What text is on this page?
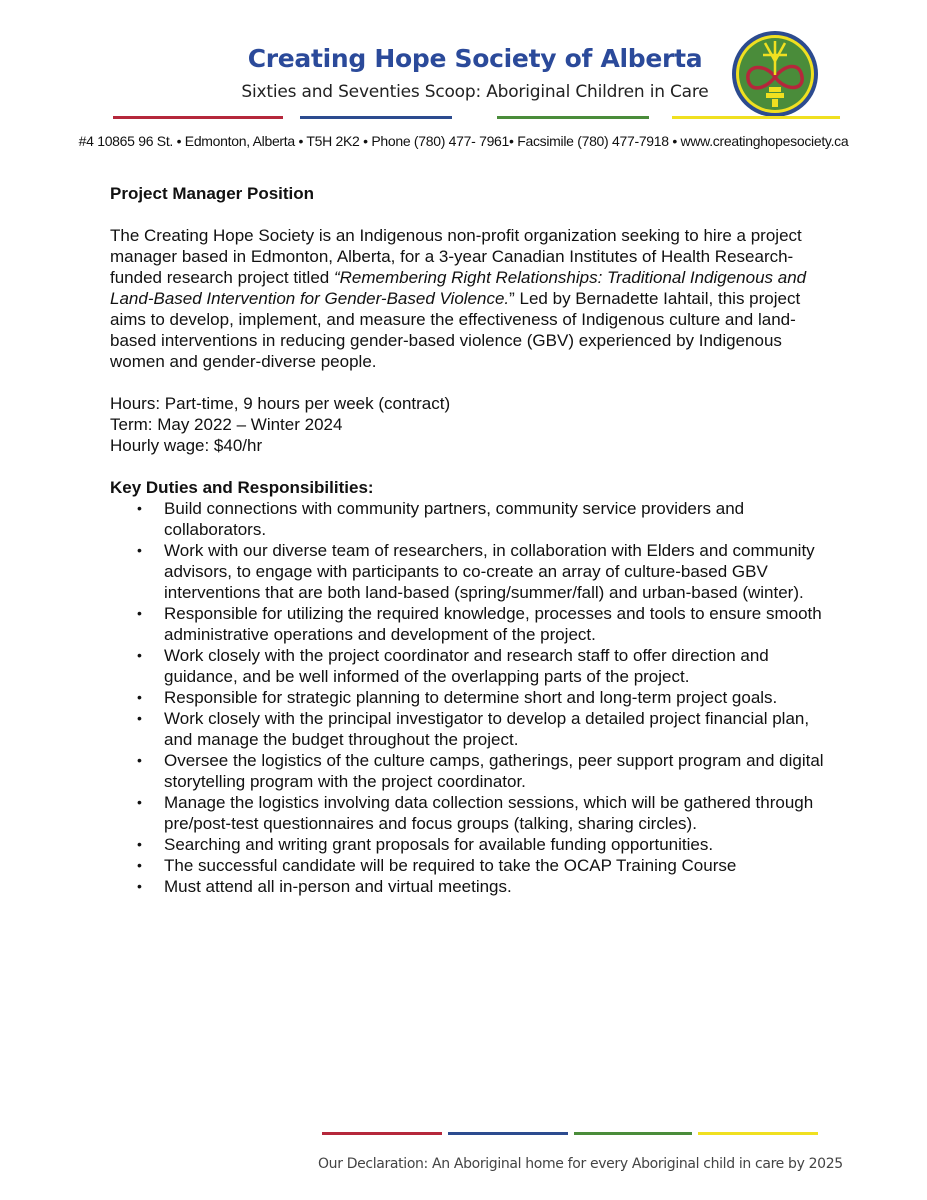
Creating Hope Society of Alberta
Sixties and Seventies Scoop: Aboriginal Children in Care
#4 10865 96 St. • Edmonton, Alberta • T5H 2K2 • Phone (780) 477- 7961• Facsimile (780) 477-7918 • www.creatinghopesociety.ca

Project Manager Position

The Creating Hope Society is an Indigenous non-profit organization seeking to hire a project manager based in Edmonton, Alberta, for a 3-year Canadian Institutes of Health Research-funded research project titled “Remembering Right Relationships: Traditional Indigenous and Land-Based Intervention for Gender-Based Violence.” Led by Bernadette Iahtail, this project aims to develop, implement, and measure the effectiveness of Indigenous culture and land-based interventions in reducing gender-based violence (GBV) experienced by Indigenous women and gender-diverse people.

Hours: Part-time, 9 hours per week (contract)

Term: May 2022 – Winter 2024

Hourly wage: $40/hr

Key Duties and Responsibilities:

• Build connections with community partners, community service providers and collaborators.
• Work with our diverse team of researchers, in collaboration with Elders and community advisors, to engage with participants to co-create an array of culture-based GBV interventions that are both land-based (spring/summer/fall) and urban-based (winter).
• Responsible for utilizing the required knowledge, processes and tools to ensure smooth administrative operations and development of the project.
• Work closely with the project coordinator and research staff to offer direction and guidance, and be well informed of the overlapping parts of the project.
• Responsible for strategic planning to determine short and long-term project goals.
• Work closely with the principal investigator to develop a detailed project financial plan, and manage the budget throughout the project.
• Oversee the logistics of the culture camps, gatherings, peer support program and digital storytelling program with the project coordinator.
• Manage the logistics involving data collection sessions, which will be gathered through pre/post-test questionnaires and focus groups (talking, sharing circles).
• Searching and writing grant proposals for available funding opportunities.
• The successful candidate will be required to take the OCAP Training Course
• Must attend all in-person and virtual meetings.
Our Declaration: An Aboriginal home for every Aboriginal child in care by 2025
